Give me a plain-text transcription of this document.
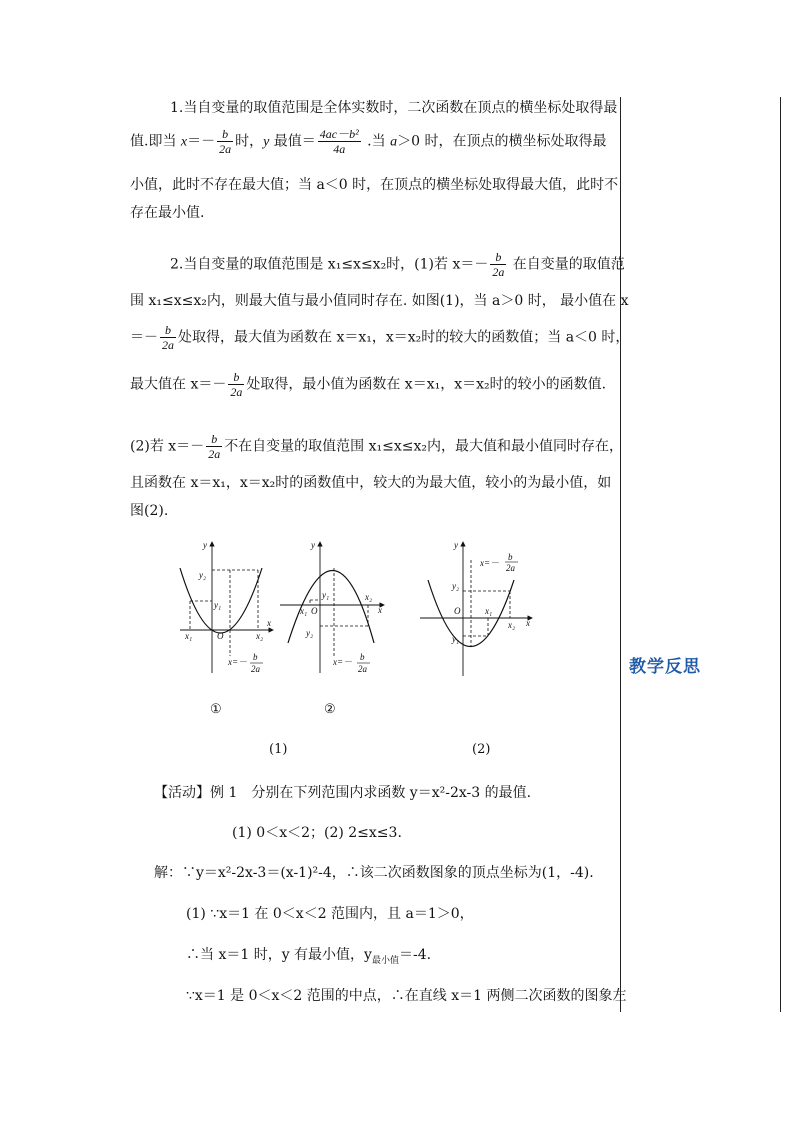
教学反思
1.当自变量的取值范围是全体实数时，二次函数在顶点的横坐标处取得最
值.即当 $x=- \frac{b}{2a}$ 时，y 最值＝ $\frac{\text{4ac－b²}}{4a}$ .当 a＞0 时，在顶点的横坐标处取得最
小值，此时不存在最大值；当 a＜0 时，在顶点的横坐标处取得最大值，此时不
存在最小值.
2.当自变量的取值范围是 x₁≤x≤x₂时，(1)若 $x=- \frac{b}{2a}$ 在自变量的取值范
围 x₁≤x≤x₂内，则最大值与最小值同时存在. 如图(1)，当 a＞0 时， 最小值在 x
＝－ $\frac{b}{2a}$ 处取得，最大值为函数在 x＝x₁，x＝x₂时的较大的函数值；当 a＜0 时，
最大值在 $x=- \frac{b}{2a}$ 处取得，最小值为函数在 x＝x₁，x＝x₂时的较小的函数值.
(2)若 $x=- \frac{b}{2a}$ 不在自变量的取值范围 x₁≤x≤x₂内，最大值和最小值同时存在，
且函数在 x＝x₁，x＝x₂时的函数值中，较大的为最大值，较小的为最小值，如
图(2).
y
x
y₂
y₁
O
x₁	x₂
x=－ b
2a
y
x
y₁
y₂
O
x₁
x₂
x=－ b
2a
y
x
y₂
y₁
O	x₁
x₂
x=－
b
2a
①	②
(1)	(2)
【活动】例 1　分别在下列范围内求函数 y＝x²-2x-3 的最值.
(1) 0＜x＜2；(2) 2≤x≤3.
解：∵y＝x²-2x-3＝(x-1)²-4，∴该二次函数图象的顶点坐标为(1，-4).
(1) ∵x＝1 在 0＜x＜2 范围内，且 a＝1＞0，
∴当 x＝1 时，y 有最小值，$y_{最小值}=-4$.
∵x＝1 是 0＜x＜2 范围的中点，∴在直线 x＝1 两侧二次函数的图象左
